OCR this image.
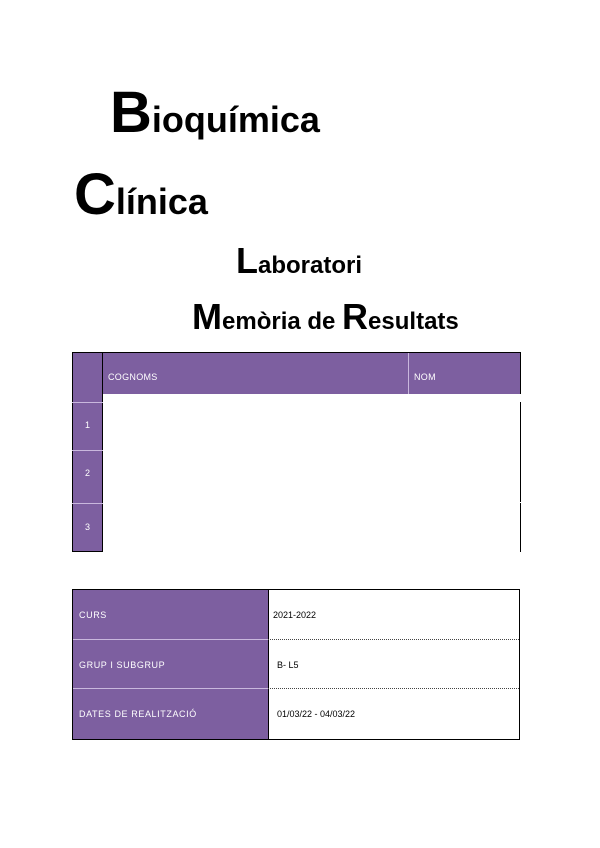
Bioquímica
Clínica
Laboratori
Memòria de Resultats
COGNOMS	NOM
1
2
3
CURS	2021-2022
GRUP I SUBGRUP	B- L5
DATES DE REALITZACIÓ	01/03/22 - 04/03/22
